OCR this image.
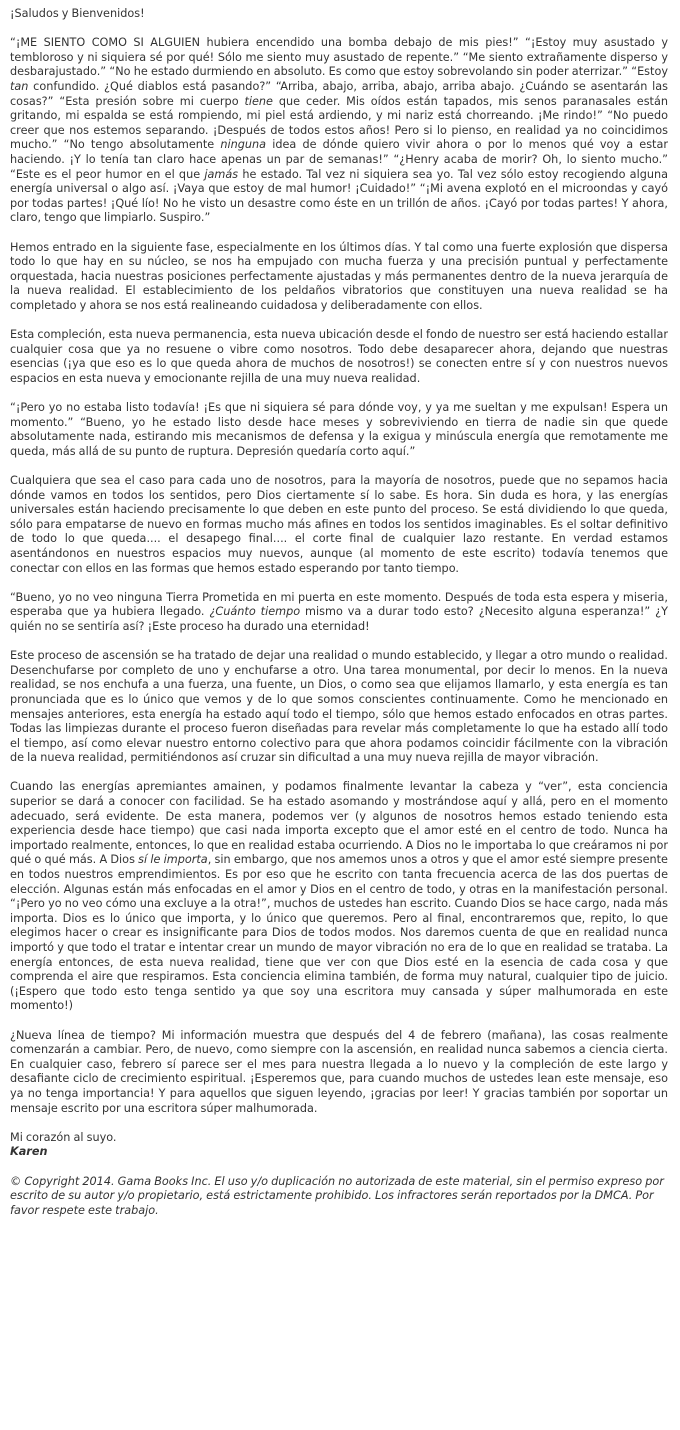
¡Saludos y Bienvenidos!

“¡ME SIENTO COMO SI ALGUIEN hubiera encendido una bomba debajo de mis pies!” “¡Estoy muy asustado y tembloroso y ni siquiera sé por qué! Sólo me siento muy asustado de repente.” “Me siento extrañamente disperso y desbarajustado.” “No he estado durmiendo en absoluto. Es como que estoy sobrevolando sin poder aterrizar.” “Estoy tan confundido. ¿Qué diablos está pasando?” “Arriba, abajo, arriba, abajo, arriba abajo. ¿Cuándo se asentarán las cosas?” “Esta presión sobre mi cuerpo tiene que ceder. Mis oídos están tapados, mis senos paranasales están gritando, mi espalda se está rompiendo, mi piel está ardiendo, y mi nariz está chorreando. ¡Me rindo!” “No puedo creer que nos estemos separando. ¡Después de todos estos años! Pero si lo pienso, en realidad ya no coincidimos mucho.” “No tengo absolutamente ninguna idea de dónde quiero vivir ahora o por lo menos qué voy a estar haciendo. ¡Y lo tenía tan claro hace apenas un par de semanas!” “¿Henry acaba de morir? Oh, lo siento mucho.” “Este es el peor humor en el que jamás he estado. Tal vez ni siquiera sea yo. Tal vez sólo estoy recogiendo alguna energía universal o algo así. ¡Vaya que estoy de mal humor! ¡Cuidado!” “¡Mi avena explotó en el microondas y cayó por todas partes! ¡Qué lío! No he visto un desastre como éste en un trillón de años. ¡Cayó por todas partes! Y ahora, claro, tengo que limpiarlo. Suspiro.”

Hemos entrado en la siguiente fase, especialmente en los últimos días. Y tal como una fuerte explosión que dispersa todo lo que hay en su núcleo, se nos ha empujado con mucha fuerza y una precisión puntual y perfectamente orquestada, hacia nuestras posiciones perfectamente ajustadas y más permanentes dentro de la nueva jerarquía de la nueva realidad. El establecimiento de los peldaños vibratorios que constituyen una nueva realidad se ha completado y ahora se nos está realineando cuidadosa y deliberadamente con ellos.

Esta compleción, esta nueva permanencia, esta nueva ubicación desde el fondo de nuestro ser está haciendo estallar cualquier cosa que ya no resuene o vibre como nosotros. Todo debe desaparecer ahora, dejando que nuestras esencias (¡ya que eso es lo que queda ahora de muchos de nosotros!) se conecten entre sí y con nuestros nuevos espacios en esta nueva y emocionante rejilla de una muy nueva realidad.

“¡Pero yo no estaba listo todavía! ¡Es que ni siquiera sé para dónde voy, y ya me sueltan y me expulsan! Espera un momento.” “Bueno, yo he estado listo desde hace meses y sobreviviendo en tierra de nadie sin que quede absolutamente nada, estirando mis mecanismos de defensa y la exigua y minúscula energía que remotamente me queda, más allá de su punto de ruptura. Depresión quedaría corto aquí.”

Cualquiera que sea el caso para cada uno de nosotros, para la mayoría de nosotros, puede que no sepamos hacia dónde vamos en todos los sentidos, pero Dios ciertamente sí lo sabe. Es hora. Sin duda es hora, y las energías universales están haciendo precisamente lo que deben en este punto del proceso. Se está dividiendo lo que queda, sólo para empatarse de nuevo en formas mucho más afines en todos los sentidos imaginables. Es el soltar definitivo de todo lo que queda.... el desapego final.... el corte final de cualquier lazo restante. En verdad estamos asentándonos en nuestros espacios muy nuevos, aunque (al momento de este escrito) todavía tenemos que conectar con ellos en las formas que hemos estado esperando por tanto tiempo.

“Bueno, yo no veo ninguna Tierra Prometida en mi puerta en este momento. Después de toda esta espera y miseria, esperaba que ya hubiera llegado. ¿Cuánto tiempo mismo va a durar todo esto? ¿Necesito alguna esperanza!” ¿Y quién no se sentiría así? ¡Este proceso ha durado una eternidad!

Este proceso de ascensión se ha tratado de dejar una realidad o mundo establecido, y llegar a otro mundo o realidad. Desenchufarse por completo de uno y enchufarse a otro. Una tarea monumental, por decir lo menos. En la nueva realidad, se nos enchufa a una fuerza, una fuente, un Dios, o como sea que elijamos llamarlo, y esta energía es tan pronunciada que es lo único que vemos y de lo que somos conscientes continuamente. Como he mencionado en mensajes anteriores, esta energía ha estado aquí todo el tiempo, sólo que hemos estado enfocados en otras partes. Todas las limpiezas durante el proceso fueron diseñadas para revelar más completamente lo que ha estado allí todo el tiempo, así como elevar nuestro entorno colectivo para que ahora podamos coincidir fácilmente con la vibración de la nueva realidad, permitiéndonos así cruzar sin dificultad a una muy nueva rejilla de mayor vibración.

Cuando las energías apremiantes amainen, y podamos finalmente levantar la cabeza y “ver”, esta conciencia superior se dará a conocer con facilidad. Se ha estado asomando y mostrándose aquí y allá, pero en el momento adecuado, será evidente. De esta manera, podemos ver (y algunos de nosotros hemos estado teniendo esta experiencia desde hace tiempo) que casi nada importa excepto que el amor esté en el centro de todo. Nunca ha importado realmente, entonces, lo que en realidad estaba ocurriendo. A Dios no le importaba lo que creáramos ni por qué o qué más. A Dios sí le importa, sin embargo, que nos amemos unos a otros y que el amor esté siempre presente en todos nuestros emprendimientos. Es por eso que he escrito con tanta frecuencia acerca de las dos puertas de elección. Algunas están más enfocadas en el amor y Dios en el centro de todo, y otras en la manifestación personal. “¡Pero yo no veo cómo una excluye a la otra!”, muchos de ustedes han escrito. Cuando Dios se hace cargo, nada más importa. Dios es lo único que importa, y lo único que queremos. Pero al final, encontraremos que, repito, lo que elegimos hacer o crear es insignificante para Dios de todos modos. Nos daremos cuenta de que en realidad nunca importó y que todo el tratar e intentar crear un mundo de mayor vibración no era de lo que en realidad se trataba. La energía entonces, de esta nueva realidad, tiene que ver con que Dios esté en la esencia de cada cosa y que comprenda el aire que respiramos. Esta conciencia elimina también, de forma muy natural, cualquier tipo de juicio. (¡Espero que todo esto tenga sentido ya que soy una escritora muy cansada y súper malhumorada en este momento!)

¿Nueva línea de tiempo? Mi información muestra que después del 4 de febrero (mañana), las cosas realmente comenzarán a cambiar. Pero, de nuevo, como siempre con la ascensión, en realidad nunca sabemos a ciencia cierta. En cualquier caso, febrero sí parece ser el mes para nuestra llegada a lo nuevo y la compleción de este largo y desafiante ciclo de crecimiento espiritual. ¡Esperemos que, para cuando muchos de ustedes lean este mensaje, eso ya no tenga importancia! Y para aquellos que siguen leyendo, ¡gracias por leer! Y gracias también por soportar un mensaje escrito por una escritora súper malhumorada.

Mi corazón al suyo.

Karen

© Copyright 2014. Gama Books Inc. El uso y/o duplicación no autorizada de este material, sin el permiso expreso por escrito de su autor y/o propietario, está estrictamente prohibido. Los infractores serán reportados por la DMCA. Por favor respete este trabajo.
